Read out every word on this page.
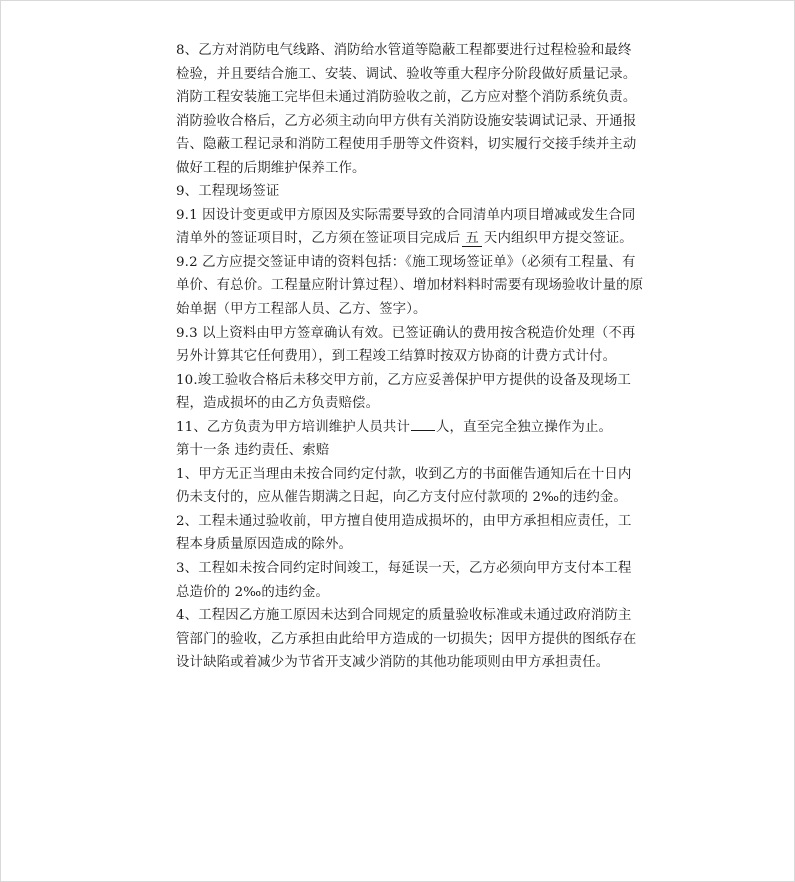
8、乙方对消防电气线路、消防给水管道等隐蔽工程都要进行过程检验和最终
检验，并且要结合施工、安装、调试、验收等重大程序分阶段做好质量记录。
消防工程安装施工完毕但未通过消防验收之前，乙方应对整个消防系统负责。
消防验收合格后，乙方必须主动向甲方供有关消防设施安装调试记录、开通报
告、隐蔽工程记录和消防工程使用手册等文件资料，切实履行交接手续并主动
做好工程的后期维护保养工作。
9、工程现场签证
9.1 因设计变更或甲方原因及实际需要导致的合同清单内项目增减或发生合同
清单外的签证项目时，乙方须在签证项目完成后 五 天内组织甲方提交签证。
9.2 乙方应提交签证申请的资料包括：《施工现场签证单》（必须有工程量、有
单价、有总价。工程量应附计算过程）、增加材料料时需要有现场验收计量的原
始单据（甲方工程部人员、乙方、签字）。
9.3 以上资料由甲方签章确认有效。已签证确认的费用按含税造价处理（不再
另外计算其它任何费用），到工程竣工结算时按双方协商的计费方式计付。
10.竣工验收合格后未移交甲方前，乙方应妥善保护甲方提供的设备及现场工
程，造成损坏的由乙方负责赔偿。
11、乙方负责为甲方培训维护人员共计 人，直至完全独立操作为止。
第十一条 违约责任、索赔
1、甲方无正当理由未按合同约定付款，收到乙方的书面催告通知后在十日内
仍未支付的，应从催告期满之日起，向乙方支付应付款项的 2‰的违约金。
2、工程未通过验收前，甲方擅自使用造成损坏的，由甲方承担相应责任，工
程本身质量原因造成的除外。
3、工程如未按合同约定时间竣工，每延误一天，乙方必须向甲方支付本工程
总造价的 2‰的违约金。
4、工程因乙方施工原因未达到合同规定的质量验收标准或未通过政府消防主
管部门的验收，乙方承担由此给甲方造成的一切损失；因甲方提供的图纸存在
设计缺陷或着减少为节省开支减少消防的其他功能项则由甲方承担责任。
